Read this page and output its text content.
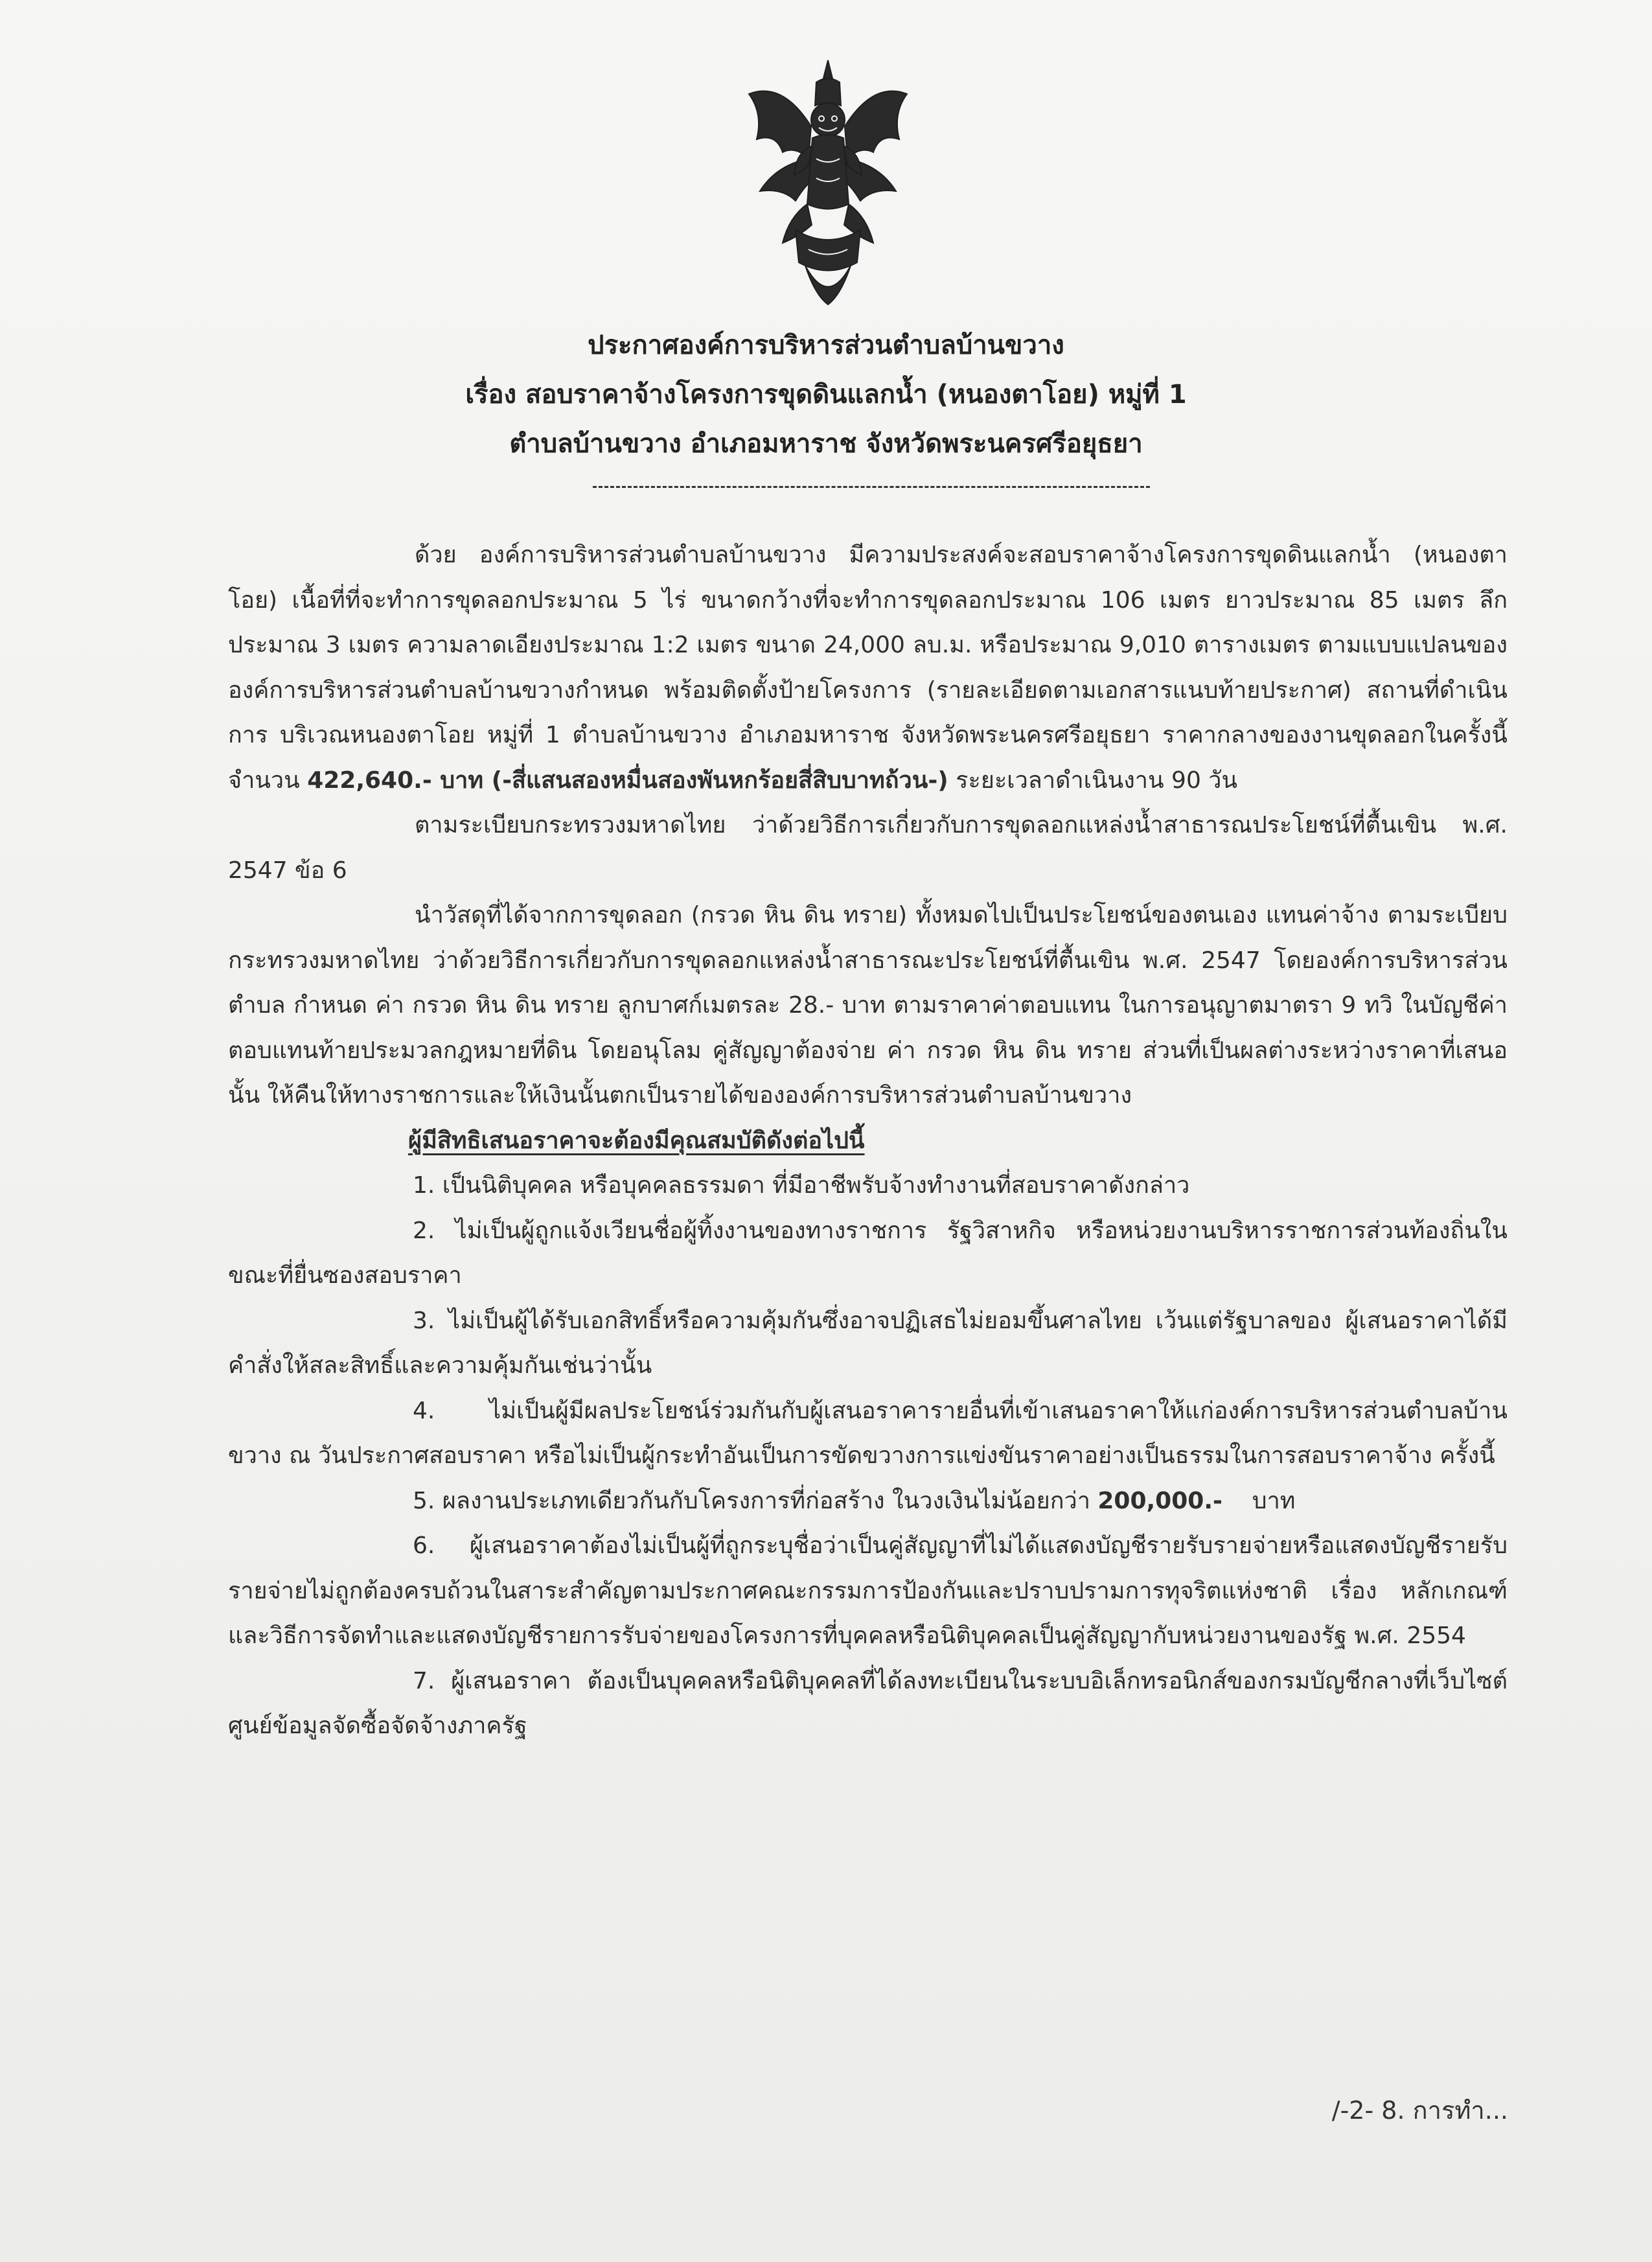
ประกาศองค์การบริหารส่วนตำบลบ้านขวาง
เรื่อง สอบราคาจ้างโครงการขุดดินแลกน้ำ (หนองตาโอย) หมู่ที่ 1
ตำบลบ้านขวาง อำเภอมหาราช จังหวัดพระนครศรีอยุธยา

ด้วย องค์การบริหารส่วนตำบลบ้านขวาง มีความประสงค์จะสอบราคาจ้างโครงการขุดดินแลกน้ำ (หนองตาโอย) เนื้อที่ที่จะทำการขุดลอกประมาณ 5 ไร่ ขนาดกว้างที่จะทำการขุดลอกประมาณ 106 เมตร ยาวประมาณ 85 เมตร ลึกประมาณ 3 เมตร ความลาดเอียงประมาณ 1:2 เมตร ขนาด 24,000 ลบ.ม. หรือประมาณ 9,010 ตารางเมตร ตามแบบแปลนขององค์การบริหารส่วนตำบลบ้านขวางกำหนด พร้อมติดตั้งป้ายโครงการ (รายละเอียดตามเอกสารแนบท้ายประกาศ) สถานที่ดำเนินการ บริเวณหนองตาโอย หมู่ที่ 1 ตำบลบ้านขวาง อำเภอมหาราช จังหวัดพระนครศรีอยุธยา ราคากลางของงานขุดลอกในครั้งนี้ จำนวน 422,640.- บาท (-สี่แสนสองหมื่นสองพันหกร้อยสี่สิบบาทถ้วน-) ระยะเวลาดำเนินงาน 90 วัน

ตามระเบียบกระทรวงมหาดไทย ว่าด้วยวิธีการเกี่ยวกับการขุดลอกแหล่งน้ำสาธารณประโยชน์ที่ตื้นเขิน พ.ศ. 2547 ข้อ 6

นำวัสดุที่ได้จากการขุดลอก (กรวด หิน ดิน ทราย) ทั้งหมดไปเป็นประโยชน์ของตนเอง แทนค่าจ้าง ตามระเบียบกระทรวงมหาดไทย ว่าด้วยวิธีการเกี่ยวกับการขุดลอกแหล่งน้ำสาธารณะประโยชน์ที่ตื้นเขิน พ.ศ. 2547 โดยองค์การบริหารส่วนตำบล กำหนด ค่า กรวด หิน ดิน ทราย ลูกบาศก์เมตรละ 28.- บาท ตามราคาค่าตอบแทน ในการอนุญาตมาตรา 9 ทวิ ในบัญชีค่าตอบแทนท้ายประมวลกฎหมายที่ดิน โดยอนุโลม คู่สัญญาต้องจ่าย ค่า กรวด หิน ดิน ทราย ส่วนที่เป็นผลต่างระหว่างราคาที่เสนอนั้น ให้คืนให้ทางราชการและให้เงินนั้นตกเป็นรายได้ขององค์การบริหารส่วนตำบลบ้านขวาง

ผู้มีสิทธิเสนอราคาจะต้องมีคุณสมบัติดังต่อไปนี้

1. เป็นนิติบุคคล หรือบุคคลธรรมดา ที่มีอาชีพรับจ้างทำงานที่สอบราคาดังกล่าว

2. ไม่เป็นผู้ถูกแจ้งเวียนชื่อผู้ทิ้งงานของทางราชการ รัฐวิสาหกิจ หรือหน่วยงานบริหารราชการส่วนท้องถิ่นในขณะที่ยื่นซองสอบราคา

3. ไม่เป็นผู้ได้รับเอกสิทธิ์หรือความคุ้มกันซึ่งอาจปฏิเสธไม่ยอมขึ้นศาลไทย เว้นแต่รัฐบาลของ ผู้เสนอราคาได้มีคำสั่งให้สละสิทธิ์และความคุ้มกันเช่นว่านั้น

4. ไม่เป็นผู้มีผลประโยชน์ร่วมกันกับผู้เสนอราคารายอื่นที่เข้าเสนอราคาให้แก่องค์การบริหารส่วนตำบลบ้านขวาง ณ วันประกาศสอบราคา หรือไม่เป็นผู้กระทำอันเป็นการขัดขวางการแข่งขันราคาอย่างเป็นธรรมในการสอบราคาจ้าง ครั้งนี้

5. ผลงานประเภทเดียวกันกับโครงการที่ก่อสร้าง ในวงเงินไม่น้อยกว่า 200,000.-    บาท

6. ผู้เสนอราคาต้องไม่เป็นผู้ที่ถูกระบุชื่อว่าเป็นคู่สัญญาที่ไม่ได้แสดงบัญชีรายรับรายจ่ายหรือแสดงบัญชีรายรับรายจ่ายไม่ถูกต้องครบถ้วนในสาระสำคัญตามประกาศคณะกรรมการป้องกันและปราบปรามการทุจริตแห่งชาติ เรื่อง หลักเกณฑ์และวิธีการจัดทำและแสดงบัญชีรายการรับจ่ายของโครงการที่บุคคลหรือนิติบุคคลเป็นคู่สัญญากับหน่วยงานของรัฐ พ.ศ. 2554

7. ผู้เสนอราคา ต้องเป็นบุคคลหรือนิติบุคคลที่ได้ลงทะเบียนในระบบอิเล็กทรอนิกส์ของกรมบัญชีกลางที่เว็บไซต์ศูนย์ข้อมูลจัดซื้อจัดจ้างภาครัฐ

/-2- 8. การทำ...
